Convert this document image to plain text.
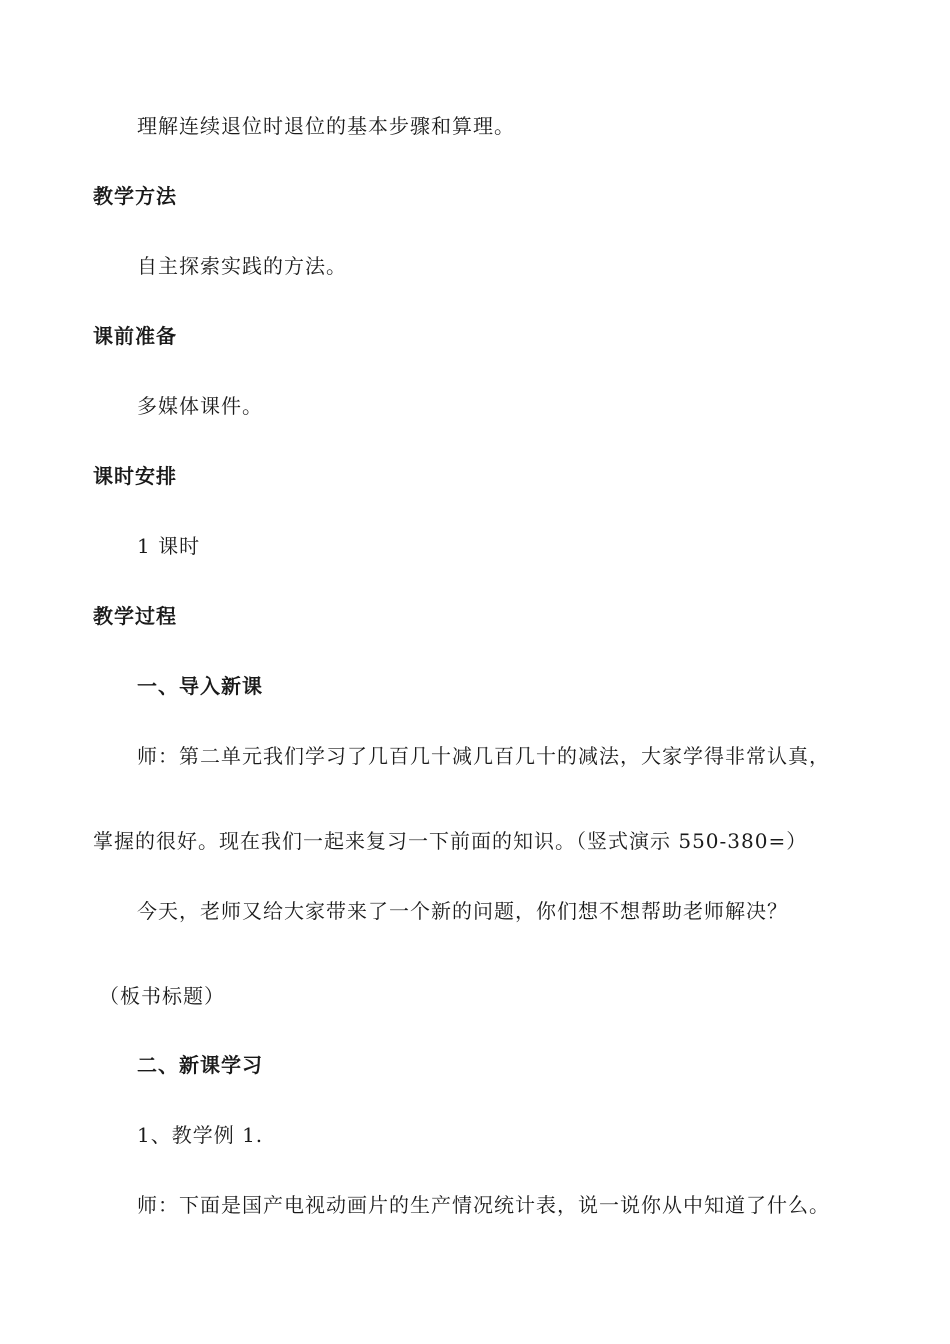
理解连续退位时退位的基本步骤和算理。
教学方法
自主探索实践的方法。
课前准备
多媒体课件。
课时安排
1 课时
教学过程
一、导入新课
师：第二单元我们学习了几百几十减几百几十的减法，大家学得非常认真，
掌握的很好。现在我们一起来复习一下前面的知识。（竖式演示 550-380=）
今天，老师又给大家带来了一个新的问题，你们想不想帮助老师解决？
（板书标题）
二、新课学习
1、教学例 1.
师：下面是国产电视动画片的生产情况统计表，说一说你从中知道了什么。
